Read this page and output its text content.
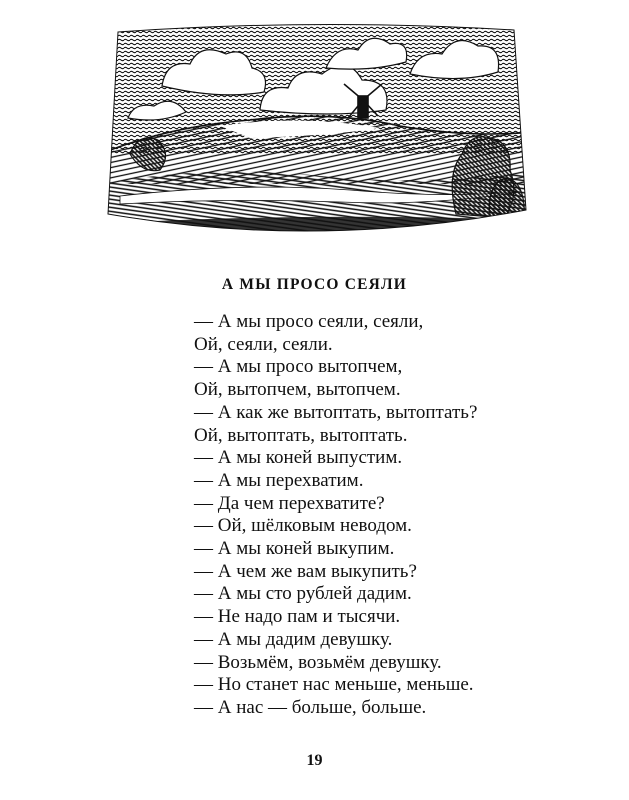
А МЫ ПРОСО СЕЯЛИ
— А мы просо сеяли, сеяли,
Ой, сеяли, сеяли.
— А мы просо вытопчем,
Ой, вытопчем, вытопчем.
— А как же вытоптать, вытоптать?
Ой, вытоптать, вытоптать.
— А мы коней выпустим.
— А мы перехватим.
— Да чем перехватите?
— Ой, шёлковым неводом.
— А мы коней выкупим.
— А чем же вам выкупить?
— А мы сто рублей дадим.
— Не надо пам и тысячи.
— А мы дадим девушку.
— Возьмём, возьмём девушку.
— Но станет нас меньше, меньше.
— А нас — больше, больше.
19
